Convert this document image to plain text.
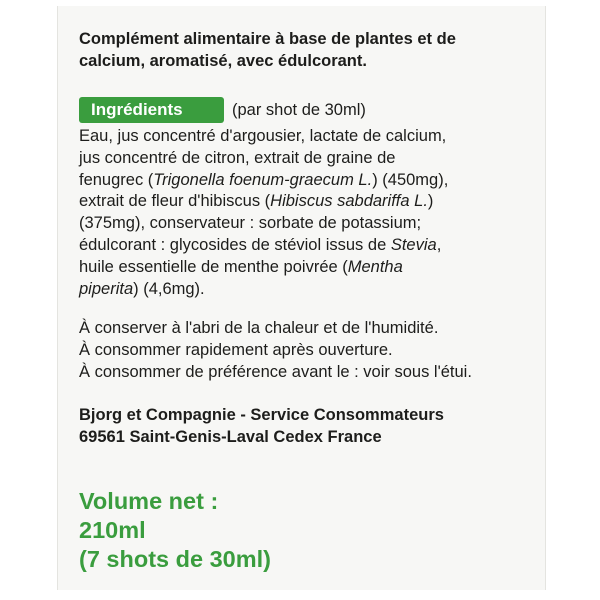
Complément alimentaire à base de plantes et de
calcium, aromatisé, avec édulcorant.
Ingrédients	(par shot de 30ml)
Eau, jus concentré d'argousier, lactate de calcium,
jus concentré de citron, extrait de graine de
fenugrec (Trigonella foenum-graecum L.) (450mg),
extrait de fleur d'hibiscus (Hibiscus sabdariffa L.)
(375mg), conservateur : sorbate de potassium;
édulcorant : glycosides de stéviol issus de Stevia,
huile essentielle de menthe poivrée (Mentha
piperita) (4,6mg).
À conserver à l'abri de la chaleur et de l'humidité.
À consommer rapidement après ouverture.
À consommer de préférence avant le : voir sous l'étui.
Bjorg et Compagnie - Service Consommateurs
69561 Saint-Genis-Laval Cedex France
Volume net :
210ml
(7 shots de 30ml)
